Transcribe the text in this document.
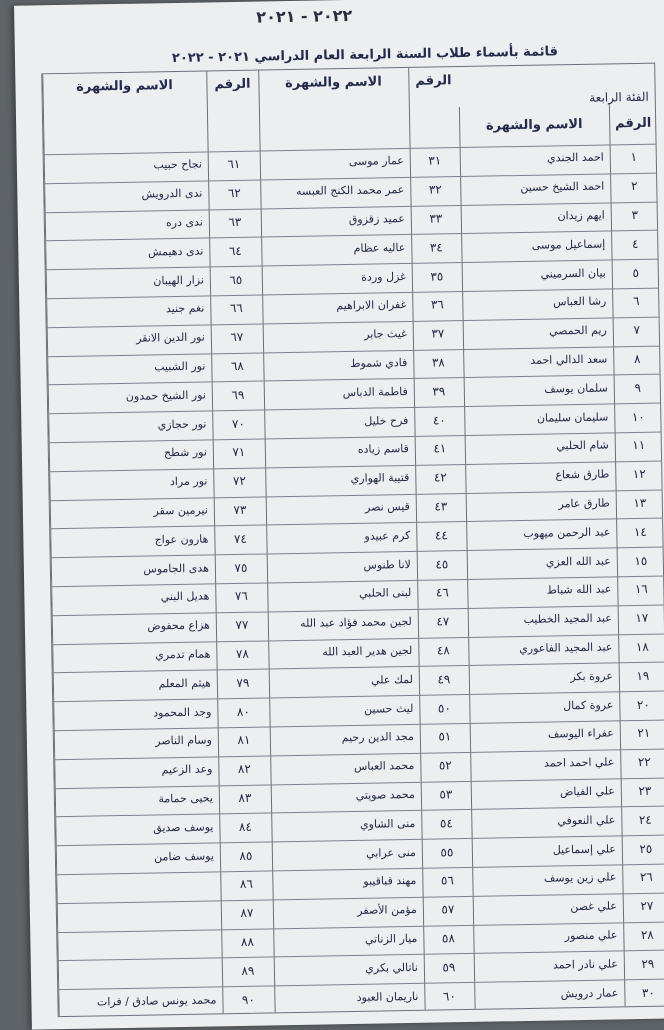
٢٠٢٢ - ٢٠٢١
قائمة بأسماء طلاب السنة الرابعة العام الدراسي ٢٠٢١ - ٢٠٢٢
الفئة الرابعة
الرقم
الاسم والشهرة
الرقم
الاسم والشهرة
الرقم
الاسم والشهرة
١
احمد الجندي
٣١
عمار موسى
٦١
نجاح حبيب
٢
احمد الشيخ حسين
٣٢
عمر محمد الكنج العبسه
٦٢
ندى الدرويش
٣
ايهم زيدان
٣٣
عميد زقزوق
٦٣
ندى دره
٤
إسماعيل موسى
٣٤
عاليه عظام
٦٤
ندى دهيمش
٥
بيان السرميني
٣٥
غزل وردة
٦٥
نزار الهيبان
٦
رشا العباس
٣٦
غفران الابراهيم
٦٦
نغم جنيد
٧
ريم الحمصي
٣٧
غيث جابر
٦٧
نور الدين الانقر
٨
سعد الدالي احمد
٣٨
فادي شموط
٦٨
نور الشبيب
٩
سلمان يوسف
٣٩
فاطمة الدباس
٦٩
نور الشيخ حمدون
١٠
سليمان سليمان
٤٠
فرح خليل
٧٠
نور حجازي
١١
شام الحلبي
٤١
قاسم زياده
٧١
نور شطح
١٢
طارق شعاع
٤٢
قتيبة الهواري
٧٢
نور مراد
١٣
طارق عامر
٤٣
قيس نصر
٧٣
نيرمين سقر
١٤
عبد الرحمن ميهوب
٤٤
كرم عبيدو
٧٤
هارون عواج
١٥
عبد الله العزي
٤٥
لانا طنوس
٧٥
هدى الجاموس
١٦
عبد الله شباط
٤٦
لبنى الحلبي
٧٦
هديل البني
١٧
عبد المجيد الخطيب
٤٧
لجين محمد فؤاد عبد الله
٧٧
هزاع محفوض
١٨
عبد المجيد الفاعوري
٤٨
لجين هدير العبد الله
٧٨
همام تدمري
١٩
عروة بكر
٤٩
لمك علي
٧٩
هيثم المعلم
٢٠
عروة كمال
٥٠
ليث حسين
٨٠
وجد المحمود
٢١
عفراء اليوسف
٥١
مجد الدين رحيم
٨١
وسام الناصر
٢٢
علي احمد احمد
٥٢
محمد العباس
٨٢
وعد الزعيم
٢٣
علي الفياض
٥٣
محمد صويتي
٨٣
يحيى حمامة
٢٤
علي النعوفي
٥٤
منى الشاوي
٨٤
يوسف صديق
٢٥
علي إسماعيل
٥٥
منى عرابي
٨٥
يوسف ضامن
٢٦
علي زين يوسف
٥٦
مهند قباقيبو
٨٦
٢٧
علي غصن
٥٧
مؤمن الأصفر
٨٧
٢٨
علي منصور
٥٨
ميار الزناتي
٨٨
٢٩
علي نادر احمد
٥٩
ناتالي بكري
٨٩
٣٠
عمار درويش
٦٠
ناريمان العبود
٩٠
محمد يونس صادق / فرات
